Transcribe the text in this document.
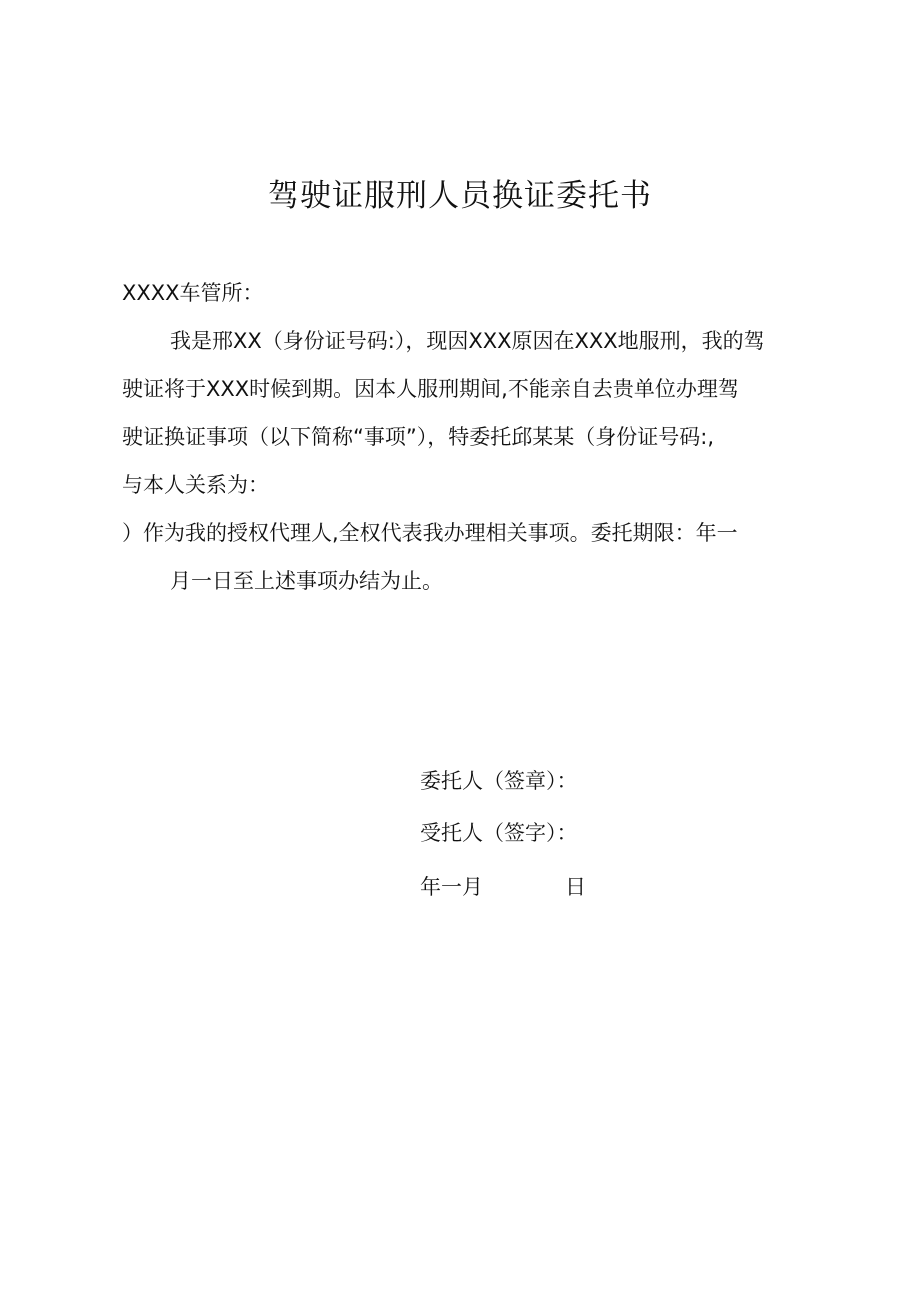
驾驶证服刑人员换证委托书
XXXX车管所：
我是邢XX（身份证号码:），现因XXX原因在XXX地服刑，我的驾
驶证将于XXX时候到期。因本人服刑期间,不能亲自去贵单位办理驾
驶证换证事项（以下简称“事项”），特委托邱某某（身份证号码:,
与本人关系为：
）作为我的授权代理人,全权代表我办理相关事项。委托期限：年一
月一日至上述事项办结为止。
委托人（签章）：
受托人（签字）：
年一月	日
